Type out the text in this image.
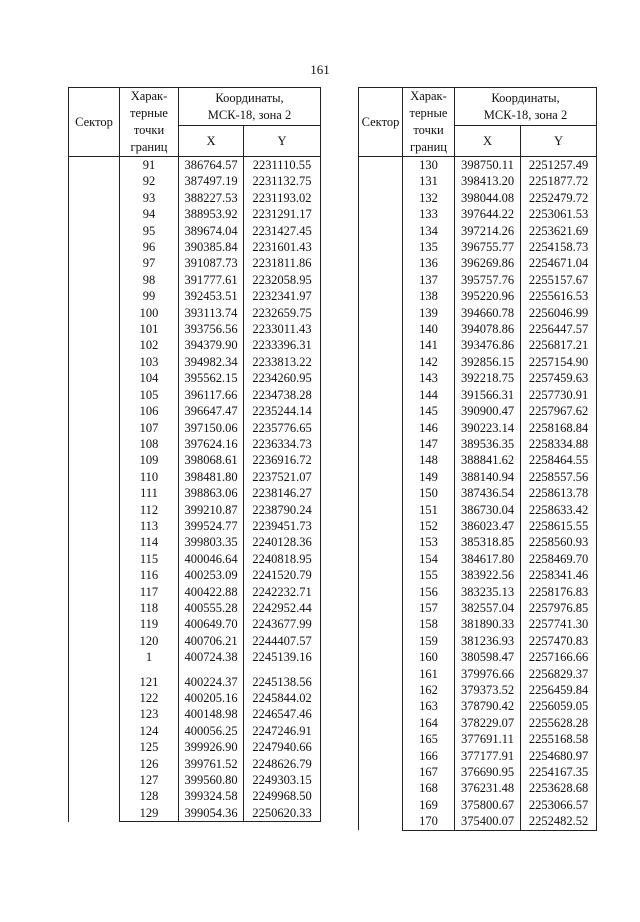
161
Сектор	Харак-
терные
точки
границ	Координаты,
МСК-18, зона 2	
		X	Y
	91	386764.57	2231110.55
	92	387497.19	2231132.75
	93	388227.53	2231193.02
	94	388953.92	2231291.17
	95	389674.04	2231427.45
	96	390385.84	2231601.43
	97	391087.73	2231811.86
	98	391777.61	2232058.95
	99	392453.51	2232341.97
	100	393113.74	2232659.75
	101	393756.56	2233011.43
	102	394379.90	2233396.31
	103	394982.34	2233813.22
	104	395562.15	2234260.95
	105	396117.66	2234738.28
	106	396647.47	2235244.14
	107	397150.06	2235776.65
	108	397624.16	2236334.73
	109	398068.61	2236916.72
	110	398481.80	2237521.07
	111	398863.06	2238146.27
	112	399210.87	2238790.24
	113	399524.77	2239451.73
	114	399803.35	2240128.36
	115	400046.64	2240818.95
	116	400253.09	2241520.79
	117	400422.88	2242232.71
	118	400555.28	2242952.44
	119	400649.70	2243677.99
	120	400706.21	2244407.57
	1	400724.38	2245139.16

	121	400224.37	2245138.56
	122	400205.16	2245844.02
	123	400148.98	2246547.46
	124	400056.25	2247246.91
	125	399926.90	2247940.66
	126	399761.52	2248626.79
	127	399560.80	2249303.15
	128	399324.58	2249968.50
	129	399054.36	2250620.33
Сектор	Харак-
терные
точки
границ	Координаты,
МСК-18, зона 2	
		X	Y
	130	398750.11	2251257.49
	131	398413.20	2251877.72
	132	398044.08	2252479.72
	133	397644.22	2253061.53
	134	397214.26	2253621.69
	135	396755.77	2254158.73
	136	396269.86	2254671.04
	137	395757.76	2255157.67
	138	395220.96	2255616.53
	139	394660.78	2256046.99
	140	394078.86	2256447.57
	141	393476.86	2256817.21
	142	392856.15	2257154.90
	143	392218.75	2257459.63
	144	391566.31	2257730.91
	145	390900.47	2257967.62
	146	390223.14	2258168.84
	147	389536.35	2258334.88
	148	388841.62	2258464.55
	149	388140.94	2258557.56
	150	387436.54	2258613.78
	151	386730.04	2258633.42
	152	386023.47	2258615.55
	153	385318.85	2258560.93
	154	384617.80	2258469.70
	155	383922.56	2258341.46
	156	383235.13	2258176.83
	157	382557.04	2257976.85
	158	381890.33	2257741.30
	159	381236.93	2257470.83
	160	380598.47	2257166.66
	161	379976.66	2256829.37
	162	379373.52	2256459.84
	163	378790.42	2256059.05
	164	378229.07	2255628.28
	165	377691.11	2255168.58
	166	377177.91	2254680.97
	167	376690.95	2254167.35
	168	376231.48	2253628.68
	169	375800.67	2253066.57
	170	375400.07	2252482.52
